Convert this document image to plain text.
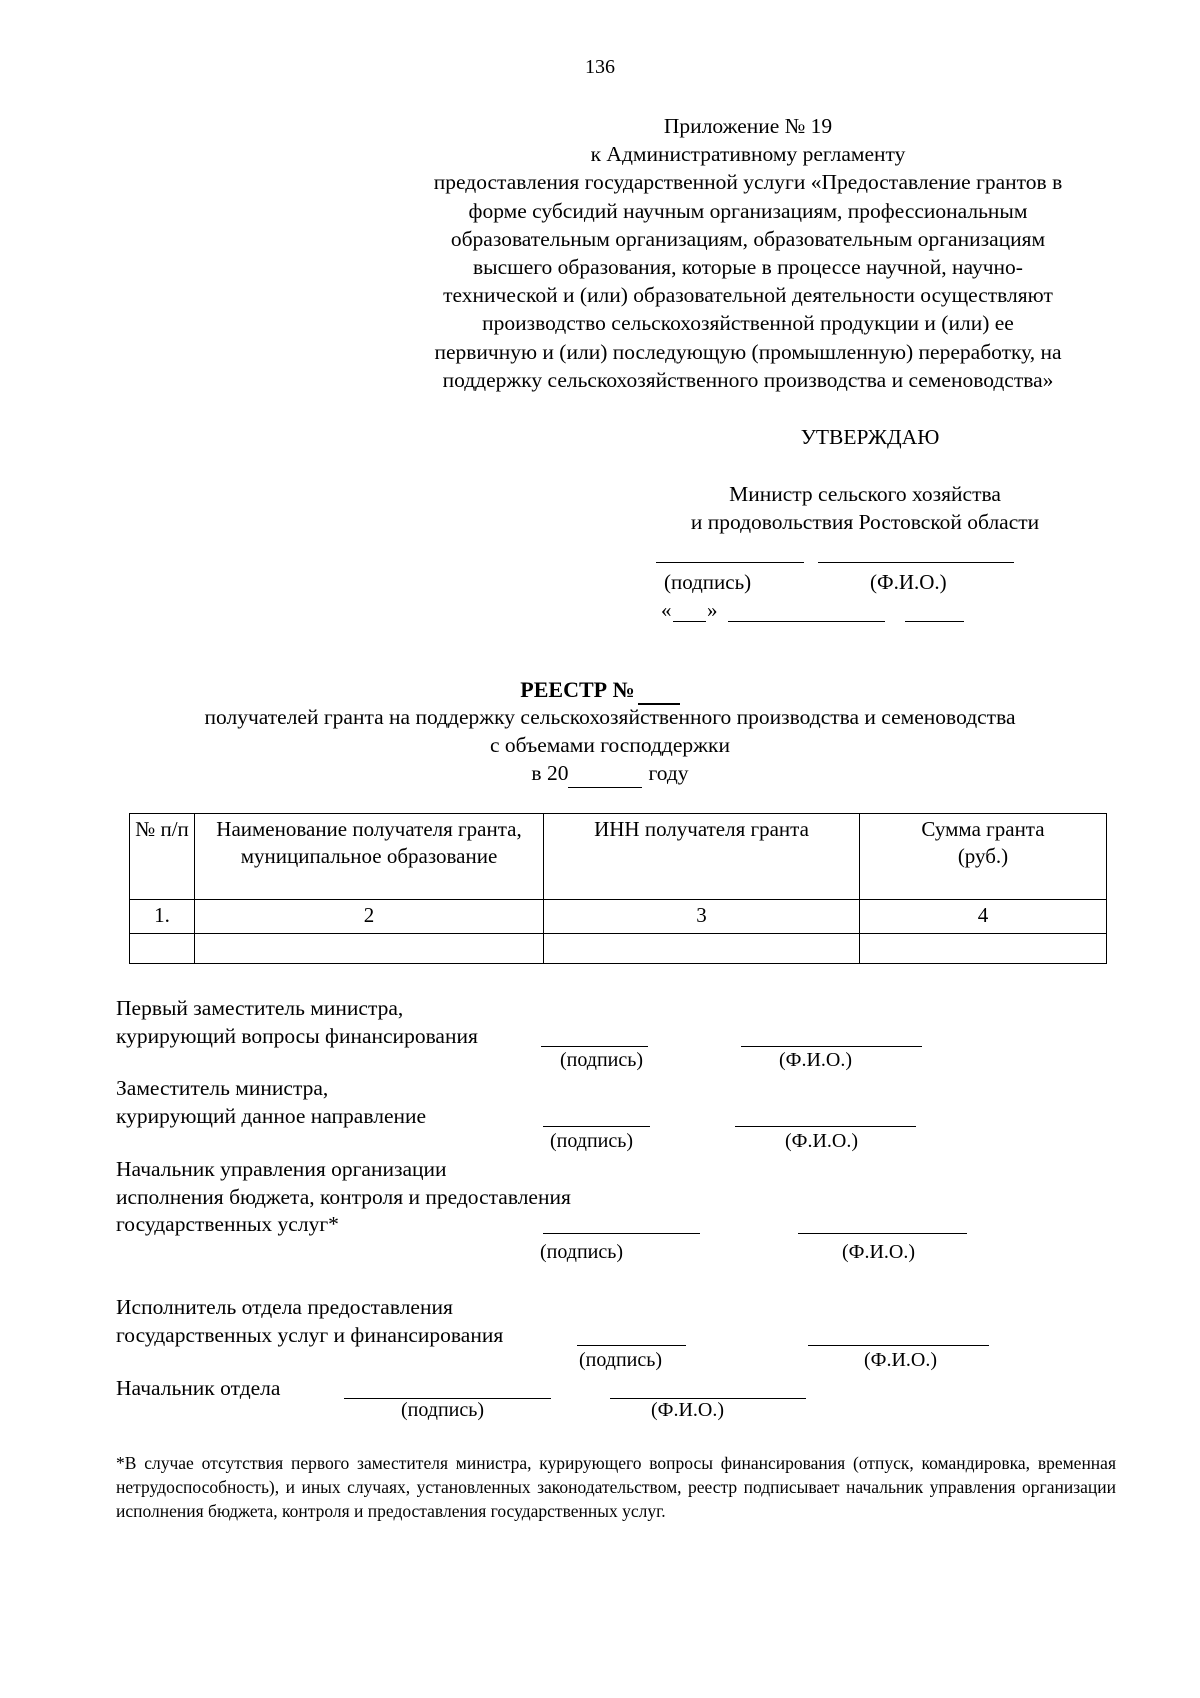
136
Приложение № 19
к Административному регламенту
предоставления государственной услуги «Предоставление грантов в
форме субсидий научным организациям, профессиональным
образовательным организациям, образовательным организациям
высшего образования, которые в процессе научной, научно-
технической и (или) образовательной деятельности осуществляют
производство сельскохозяйственной продукции и (или) ее
первичную и (или) последующую (промышленную) переработку, на
поддержку сельскохозяйственного производства и семеноводства»
УТВЕРЖДАЮ
Министр сельского хозяйства
и продовольствия Ростовской области
(подпись)	(Ф.И.О.)
« »
РЕЕСТР №
получателей гранта на поддержку сельскохозяйственного производства и семеноводства
с объемами господдержки
в 20	году
№ п/п	Наименование получателя гранта, муниципальное образование	ИНН получателя гранта	Сумма гранта (руб.)
1.	2	3	4

Первый заместитель министра,
курирующий вопросы финансирования
(подпись)	(Ф.И.О.)
Заместитель министра,
курирующий данное направление
(подпись)	(Ф.И.О.)
Начальник управления организации
исполнения бюджета, контроля и предоставления
государственных услуг*
(подпись)	(Ф.И.О.)
Исполнитель отдела предоставления
государственных услуг и финансирования
(подпись)	(Ф.И.О.)
Начальник отдела
(подпись)	(Ф.И.О.)
*В случае отсутствия первого заместителя министра, курирующего вопросы финансирования (отпуск, командировка, временная нетрудоспособность), и иных случаях, установленных законодательством, реестр подписывает начальник управления организации исполнения бюджета, контроля и предоставления государственных услуг.
